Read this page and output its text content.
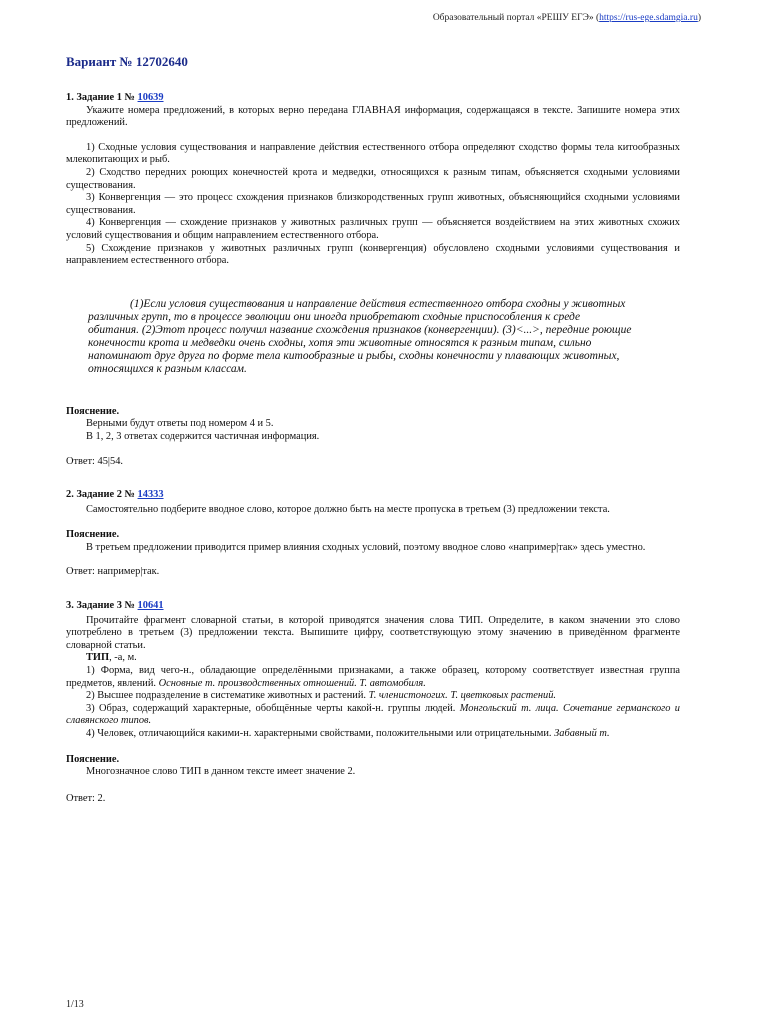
Образовательный портал «РЕШУ ЕГЭ» (https://rus-ege.sdamgia.ru)
Вариант № 12702640
1. Задание 1 № 10639
Укажите номера предложений, в которых верно передана ГЛАВНАЯ информация, содержащаяся в тексте. Запишите номера этих предложений.
1) Сходные условия существования и направление действия естественного отбора определяют сходство формы тела китообразных млекопитающих и рыб.
2) Сходство передних роющих конечностей крота и медведки, относящихся к разным типам, объясняется сходными условиями существования.
3) Конвергенция — это процесс схождения признаков близкородственных групп животных, объясняющийся сходными условиями существования.
4) Конвергенция — схождение признаков у животных различных групп — объясняется воздействием на этих животных схожих условий существования и общим направлением естественного отбора.
5) Схождение признаков у животных различных групп (конвергенция) обусловлено сходными условиями существования и направлением естественного отбора.
(1)Если условия существования и направление действия естественного отбора сходны у животных различных групп, то в процессе эволюции они иногда приобретают сходные приспособления к среде обитания. (2)Этот процесс получил название схождения признаков (конвергенции). (3)<...>, передние роющие конечности крота и медведки очень сходны, хотя эти животные относятся к разным типам, сильно напоминают друг друга по форме тела китообразные и рыбы, сходны конечности у плавающих животных, относящихся к разным классам.
Пояснение.
Верными будут ответы под номером 4 и 5.
В 1, 2, 3 ответах содержится частичная информация.
Ответ: 45|54.
2. Задание 2 № 14333
Самостоятельно подберите вводное слово, которое должно быть на месте пропуска в третьем (3) предложении текста.
Пояснение.
В третьем предложении приводится пример влияния сходных условий, поэтому вводное слово «например|так» здесь уместно.
Ответ: например|так.
3. Задание 3 № 10641
Прочитайте фрагмент словарной статьи, в которой приводятся значения слова ТИП. Определите, в каком значении это слово употреблено в третьем (3) предложении текста. Выпишите цифру, соответствующую этому значению в приведённом фрагменте словарной статьи.
ТИП, -а, м.
1) Форма, вид чего-н., обладающие определёнными признаками, а также образец, которому соответствует известная группа предметов, явлений. Основные т. производственных отношений. Т. автомобиля.
2) Высшее подразделение в систематике животных и растений. Т. членистоногих. Т. цветковых растений.
3) Образ, содержащий характерные, обобщённые черты какой-н. группы людей. Монгольский т. лица. Сочетание германского и славянского типов.
4) Человек, отличающийся какими-н. характерными свойствами, положительными или отрицательными. Забавный т.
Пояснение.
Многозначное слово ТИП в данном тексте имеет значение 2.
Ответ: 2.
1/13
